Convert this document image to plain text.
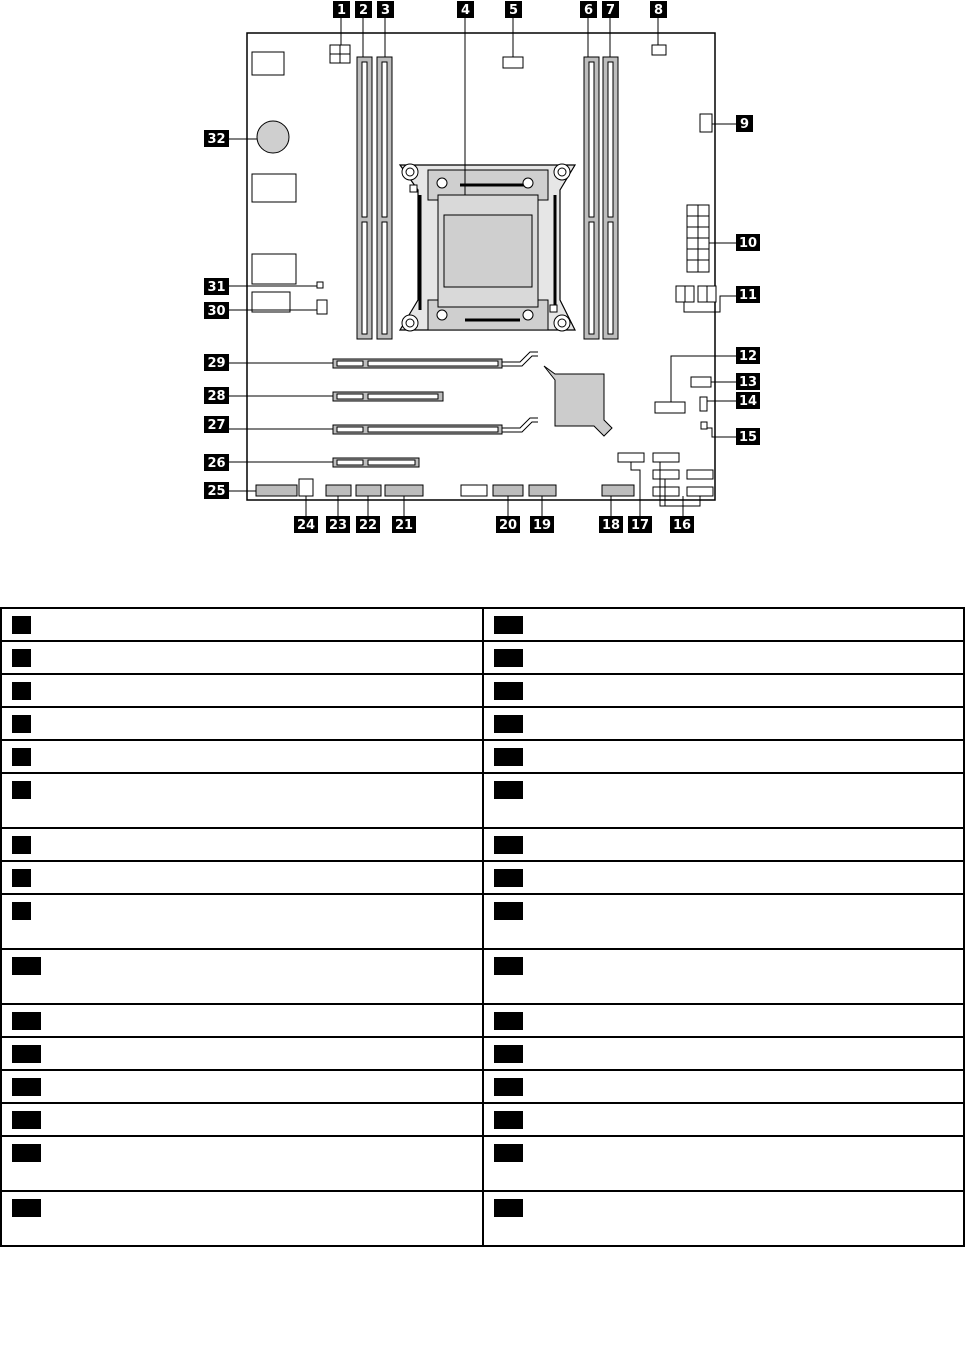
1 2 3	4	5	6 7	8
9
10
11
12
13
14
15
16
17
18
19
20
21
22
23
24
25
26
27
28
29
30
31
32
